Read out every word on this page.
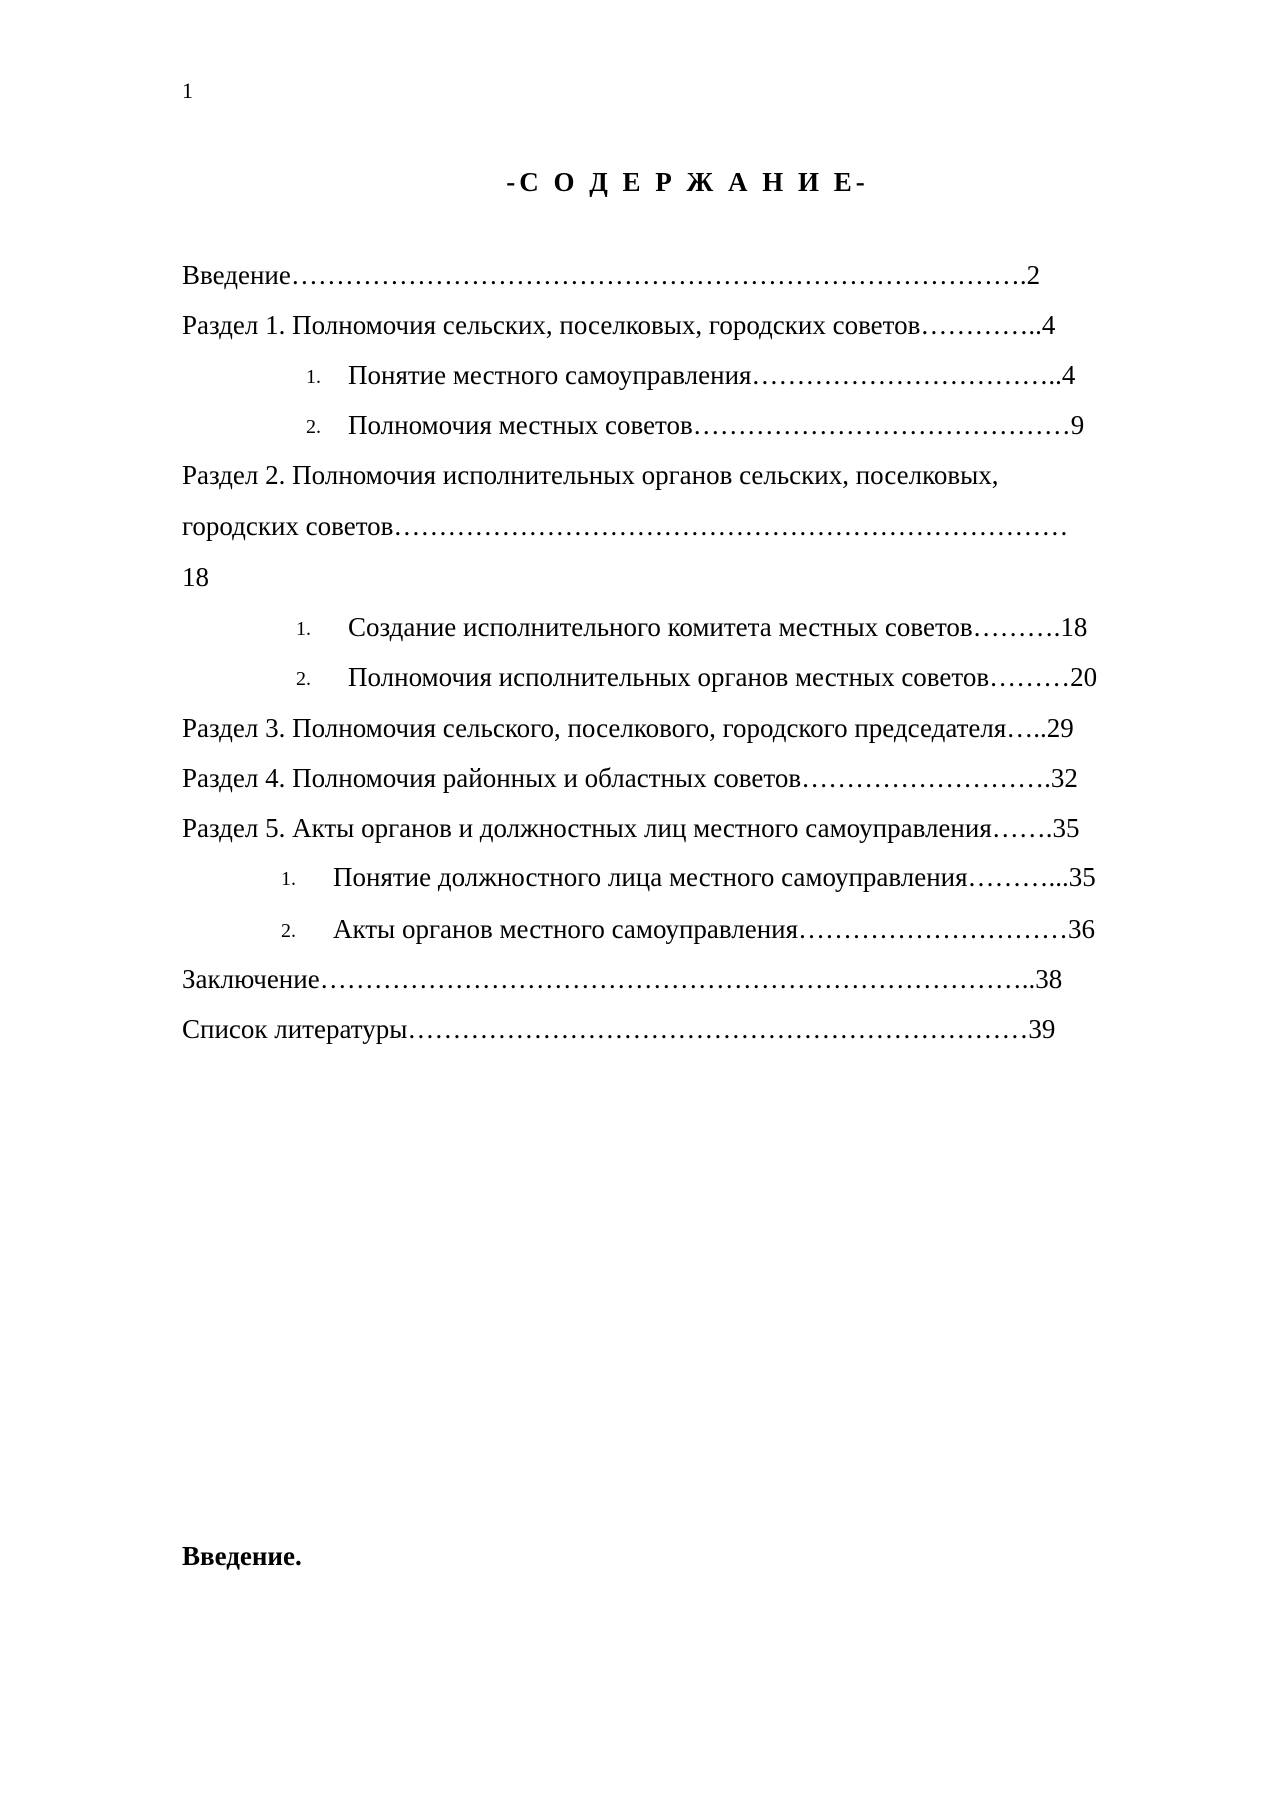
1
-С О Д Е Р Ж А Н И Е-
Введение……………………………………………………………………….2
Раздел 1. Полномочия сельских, поселковых, городских советов…………..4
1. Понятие местного самоуправления……………………………..4
2. Полномочия местных советов……………………………………9
Раздел 2. Полномочия исполнительных органов сельских, поселковых,
городских советов…………………………………………………………………
18
1. Создание исполнительного комитета местных советов……….18
2. Полномочия исполнительных органов местных советов………20
Раздел 3. Полномочия сельского, поселкового, городского председателя…..29
Раздел 4. Полномочия районных и областных советов……………………….32
Раздел 5. Акты органов и должностных лиц местного самоуправления…….35
1. Понятие должностного лица местного самоуправления………...35
2. Акты органов местного самоуправления…………………………36
Заключение……………………………………………………………………..38
Список литературы……………………………………………………………39
Введение.
